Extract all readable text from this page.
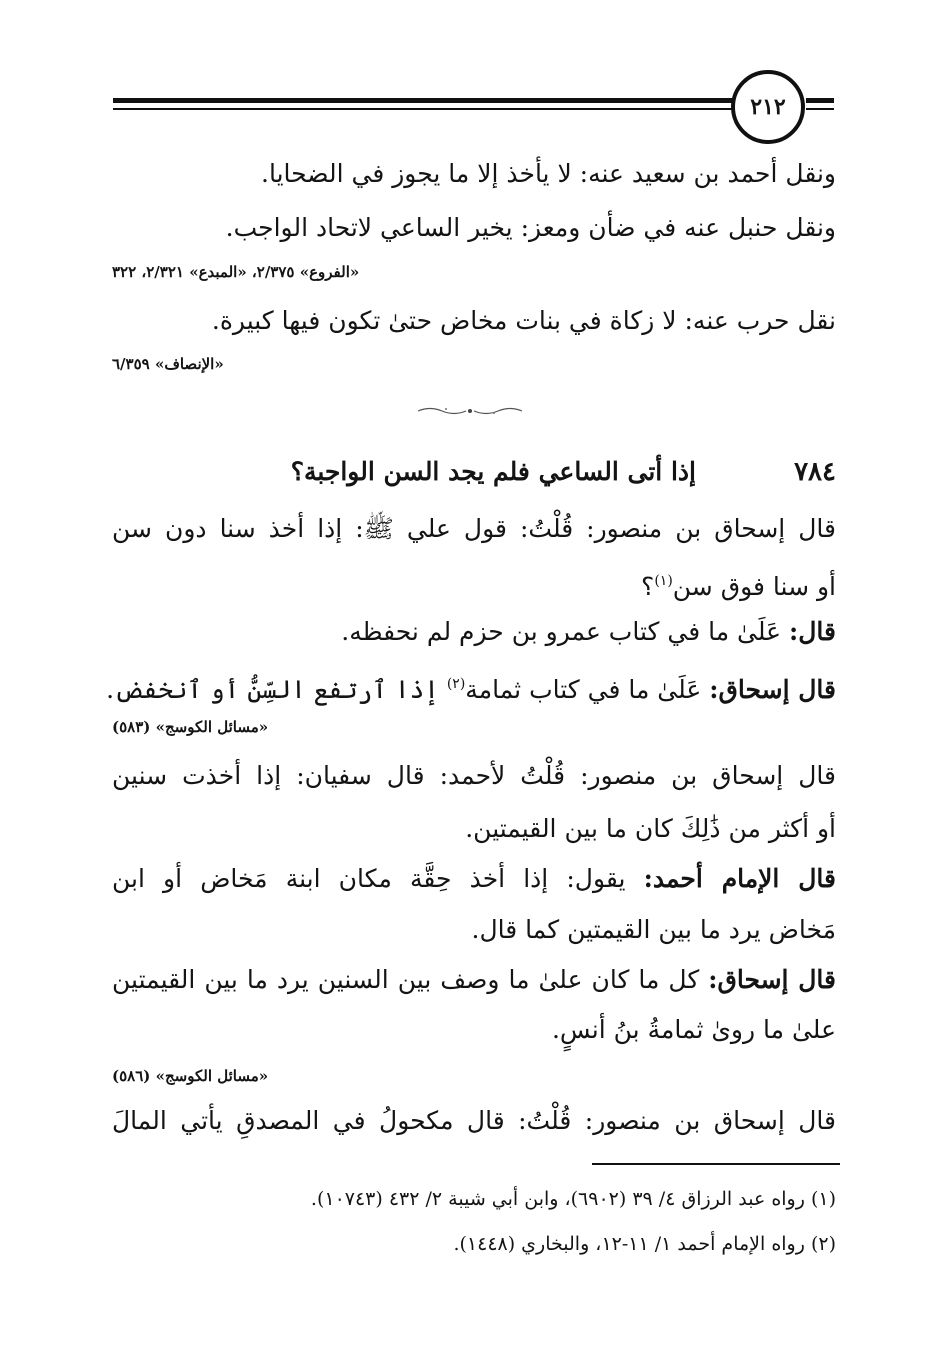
٢١٢
ونقل أحمد بن سعيد عنه: لا يأخذ إلا ما يجوز في الضحايا.
ونقل حنبل عنه في ضأن ومعز: يخير الساعي لاتحاد الواجب.
«الفروع» ٢/٣٧٥، «المبدع» ٢/٣٢١، ٣٢٢
نقل حرب عنه: لا زكاة في بنات مخاض حتىٰ تكون فيها كبيرة.
«الإنصاف» ٦/٣٥٩
٧٨٤
إذا أتى الساعي فلم يجد السن الواجبة؟
قال إسحاق بن منصور: قُلْتُ: قول علي ﷺ: إذا أخذ سنا دون سن
أو سنا فوق سن$^{(١)}$؟
قال: عَلَىٰ ما في كتاب عمرو بن حزم لم نحفظه.
قال إسحاق: عَلَىٰ ما في كتاب ثمامة$^{(٢)}$ إذا ٱرتفع السِّنُّ أو ٱنخفض.
«مسائل الكوسج» (٥٨٣)
قال إسحاق بن منصور: قُلْتُ لأحمد: قال سفيان: إذا أخذت سنين
أو أكثر من ذَٰلِكَ كان ما بين القيمتين.
قال الإمام أحمد: يقول: إذا أخذ حِقَّة مكان ابنة مَخاض أو ابن
مَخاض يرد ما بين القيمتين كما قال.
قال إسحاق: كل ما كان علىٰ ما وصف بين السنين يرد ما بين القيمتين
علىٰ ما روىٰ ثمامةُ بنُ أنسٍ.
«مسائل الكوسج» (٥٨٦)
قال إسحاق بن منصور: قُلْتُ: قال مكحولُ في المصدقِ يأتي المالَ
(١) رواه عبد الرزاق ٤/ ٣٩ (٦٩٠٢)، وابن أبي شيبة ٢/ ٤٣٢ (١٠٧٤٣).
(٢) رواه الإمام أحمد ١/ ١١-١٢، والبخاري (١٤٤٨).
